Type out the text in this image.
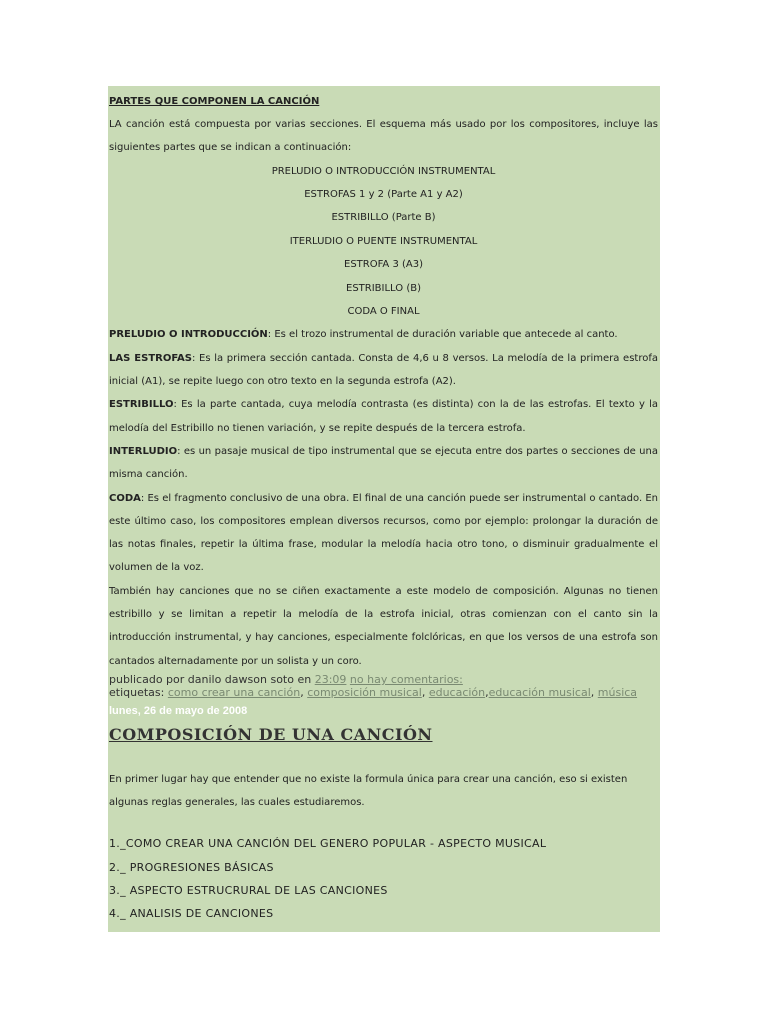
PARTES QUE COMPONEN LA CANCIÓN
LA canción está compuesta por varias secciones. El esquema más usado por los compositores, incluye las siguientes partes que se indican a continuación:
PRELUDIO O INTRODUCCIÓN INSTRUMENTAL
ESTROFAS 1 y 2 (Parte A1 y A2)
ESTRIBILLO (Parte B)
ITERLUDIO O PUENTE INSTRUMENTAL
ESTROFA 3 (A3)
ESTRIBILLO (B)
CODA O FINAL
PRELUDIO O INTRODUCCIÓN: Es el trozo instrumental de duración variable que antecede al canto.
LAS ESTROFAS: Es la primera sección cantada. Consta de 4,6 u 8 versos. La melodía de la primera estrofa inicial (A1), se repite luego con otro texto en la segunda estrofa (A2).
ESTRIBILLO: Es la parte cantada, cuya melodía contrasta (es distinta) con la de las estrofas. El texto y la melodía del Estribillo no tienen variación, y se repite después de la tercera estrofa.
INTERLUDIO: es un pasaje musical de tipo instrumental que se ejecuta entre dos partes o secciones de una misma canción.
CODA: Es el fragmento conclusivo de una obra. El final de una canción puede ser instrumental o cantado. En este último caso, los compositores emplean diversos recursos, como por ejemplo: prolongar la duración de las notas finales, repetir la última frase, modular la melodía hacia otro tono, o disminuir gradualmente el volumen de la voz.
También hay canciones que no se ciñen exactamente a este modelo de composición. Algunas no tienen estribillo y se limitan a repetir la melodía de la estrofa inicial, otras comienzan con el canto sin la introducción instrumental, y hay canciones, especialmente folclóricas, en que los versos de una estrofa son cantados alternadamente por un solista y un coro.
publicado por danilo dawson soto en 23:09 no hay comentarios:
etiquetas: como crear una canción, composición musical, educación,educación musical, música
lunes, 26 de mayo de 2008
COMPOSICIÓN DE UNA CANCIÓN
En primer lugar hay que entender que no existe la formula única para crear una canción, eso si existen algunas reglas generales, las cuales estudiaremos.
1._COMO CREAR UNA CANCIÓN DEL GENERO POPULAR - ASPECTO MUSICAL
2._ PROGRESIONES BÁSICAS
3._ ASPECTO ESTRUCRURAL DE LAS CANCIONES
4._ ANALISIS DE CANCIONES
